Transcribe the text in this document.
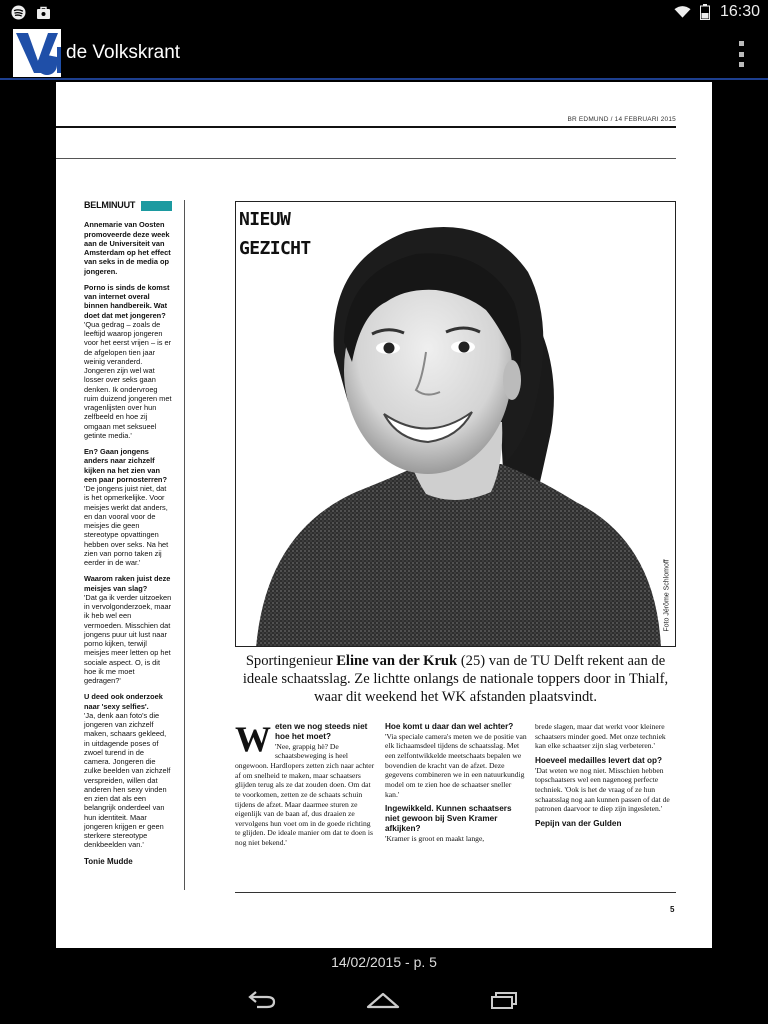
16:30
de Volkskrant
BR EDMUND / 14 FEBRUARI 2015
BELMINUUT

Annemarie van Oosten promoveerde deze week aan de Universiteit van Amsterdam op het effect van seks in de media op jongeren.

Porno is sinds de komst van internet overal binnen handbereik. Wat doet dat met jongeren?
'Qua gedrag – zoals de leeftijd waarop jongeren voor het eerst vrijen – is er de afgelopen tien jaar weinig veranderd. Jongeren zijn wel wat losser over seks gaan denken. Ik ondervroeg ruim duizend jongeren met vragenlijsten over hun zelfbeeld en hoe zij omgaan met seksueel getinte media.'
En? Gaan jongens anders naar zichzelf kijken na het zien van een paar pornosterren?
'De jongens juist niet, dat is het opmerkelijke. Voor meisjes werkt dat anders, en dan vooral voor de meisjes die geen stereotype opvattingen hebben over seks. Na het zien van porno taken zij eerder in de war.'
Waarom raken juist deze meisjes van slag?
'Dat ga ik verder uitzoeken in vervolgonderzoek, maar ik heb wel een vermoeden. Misschien dat jongens puur uit lust naar porno kijken, terwijl meisjes meer letten op het sociale aspect. O, is dit hoe ik me moet gedragen?'
U deed ook onderzoek naar 'sexy selfies'.
'Ja, denk aan foto's die jongeren van zichzelf maken, schaars gekleed, in uitdagende poses of zwoel turend in de camera. Jongeren die zulke beelden van zichzelf verspreiden, willen dat anderen hen sexy vinden en zien dat als een belangrijk onderdeel van hun identiteit. Maar jongeren krijgen er geen sterkere stereotype denkbeelden van.'

Tonie Mudde

NIEUW
GEZICHT
Foto Jérôme Schlomoff

Sportingenieur Eline van der Kruk (25) van de TU Delft rekent aan de ideale schaatsslag. Ze lichtte onlangs de nationale toppers door in Thialf, waar dit weekend het WK afstanden plaatsvindt.

W eten we nog steeds niet hoe het moet?
'Nee, grappig hè? De schaatsbeweging is heel ongewoon. Hardlopers zetten zich naar achter af om snelheid te maken, maar schaatsers glijden terug als ze dat zouden doen. Om dat te voorkomen, zetten ze de schaats schuin tijdens de afzet. Maar daarmee sturen ze eigenlijk van de baan af, dus draaien ze vervolgens hun voet om in de goede richting te glijden. De ideale manier om dat te doen is nog niet bekend.'
Hoe komt u daar dan wel achter?
'Via speciale camera's meten we de positie van elk lichaamsdeel tijdens de schaatsslag. Met een zelfontwikkelde meetschaats bepalen we bovendien de kracht van de afzet. Deze gegevens combineren we in een natuurkundig model om te zien hoe de schaatser sneller kan.'
Ingewikkeld. Kunnen schaatsers niet gewoon bij Sven Kramer afkijken?
'Kramer is groot en maakt lange,
brede slagen, maar dat werkt voor kleinere schaatsers minder goed. Met onze techniek kan elke schaatser zijn slag verbeteren.'
Hoeveel medailles levert dat op?
'Dat weten we nog niet. Misschien hebben topschaatsers wel een nagenoeg perfecte techniek. 'Ook is het de vraag of ze hun schaatsslag nog aan kunnen passen of dat de patronen daarvoor te diep zijn ingesleten.'
Pepijn van der Gulden
5
14/02/2015 - p. 5
